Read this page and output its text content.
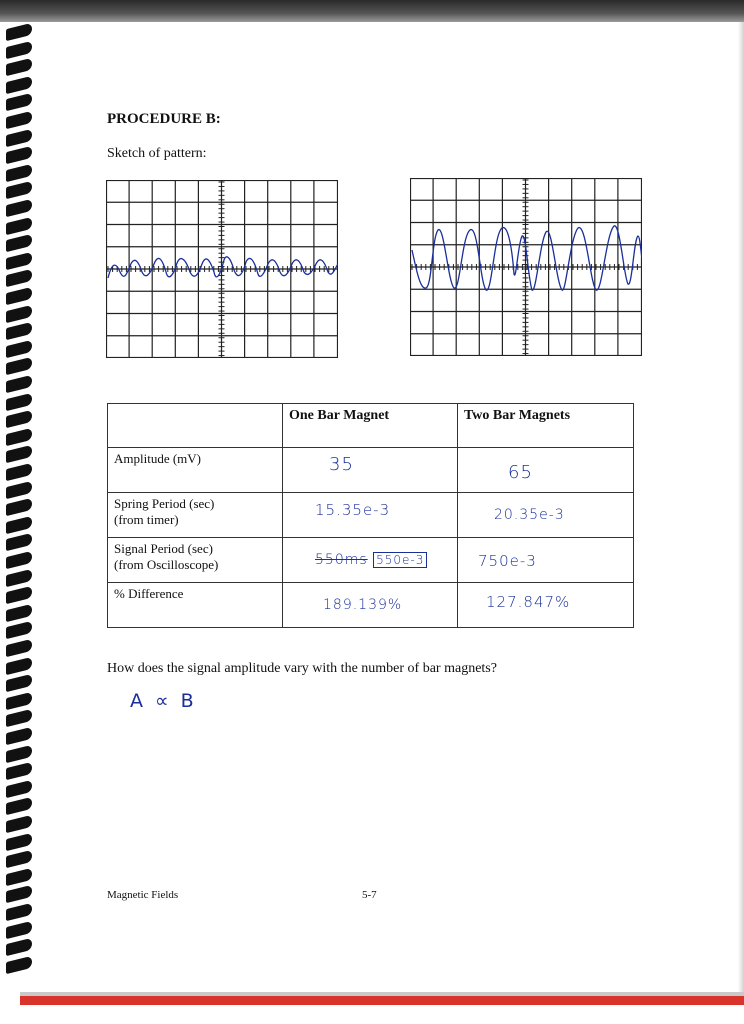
PROCEDURE B:
Sketch of pattern:

	One Bar Magnet	Two Bar Magnets

Amplitude (mV)	35	65

Spring Period (sec)
(from timer)	15.35e-3	20.35e-3

Signal Period (sec)
(from Oscilloscope)	550ms 550e-3	750e-3

% Difference	189.139%	127.847%
How does the signal amplitude vary with the number of bar magnets?
A ∝ B
Magnetic Fields	5-7
